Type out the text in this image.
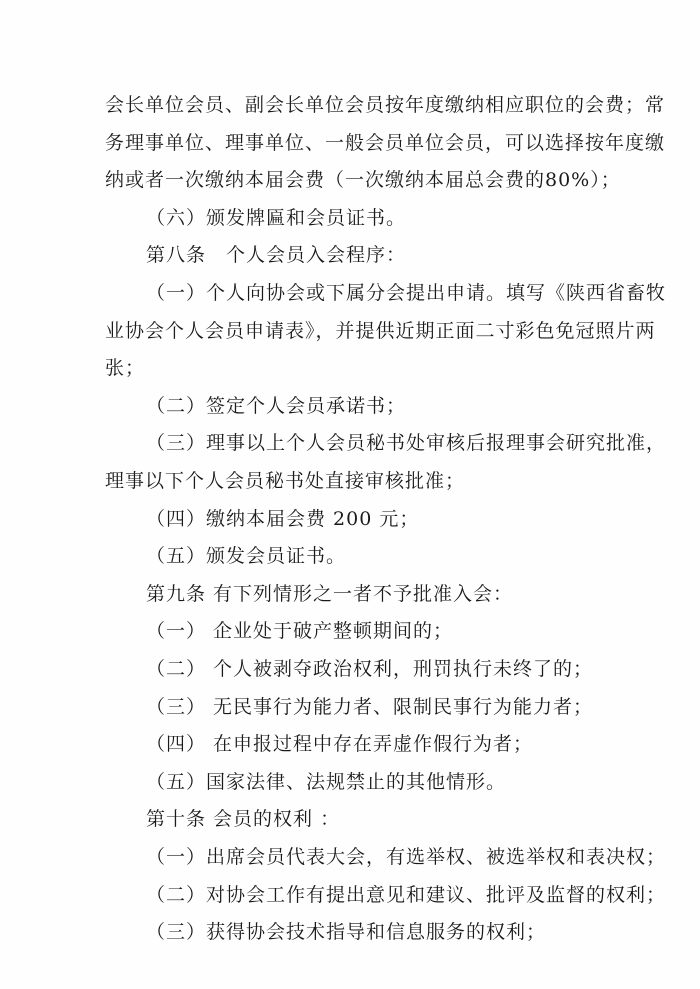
会长单位会员、副会长单位会员按年度缴纳相应职位的会费；常
务理事单位、理事单位、一般会员单位会员，可以选择按年度缴
纳或者一次缴纳本届会费（一次缴纳本届总会费的80%）；
（六）颁发牌匾和会员证书。
第八条　个人会员入会程序：
（一）个人向协会或下属分会提出申请。填写《陕西省畜牧
业协会个人会员申请表》，并提供近期正面二寸彩色免冠照片两
张；
（二）签定个人会员承诺书；
（三）理事以上个人会员秘书处审核后报理事会研究批准，
理事以下个人会员秘书处直接审核批准；
（四）缴纳本届会费 200 元；
（五）颁发会员证书。
第九条 有下列情形之一者不予批准入会：
（一） 企业处于破产整顿期间的；
（二） 个人被剥夺政治权利，刑罚执行未终了的；
（三） 无民事行为能力者、限制民事行为能力者；
（四） 在申报过程中存在弄虚作假行为者；
（五）国家法律、法规禁止的其他情形。
第十条 会员的权利 ：
（一）出席会员代表大会，有选举权、被选举权和表决权；
（二）对协会工作有提出意见和建议、批评及监督的权利；
（三）获得协会技术指导和信息服务的权利；
